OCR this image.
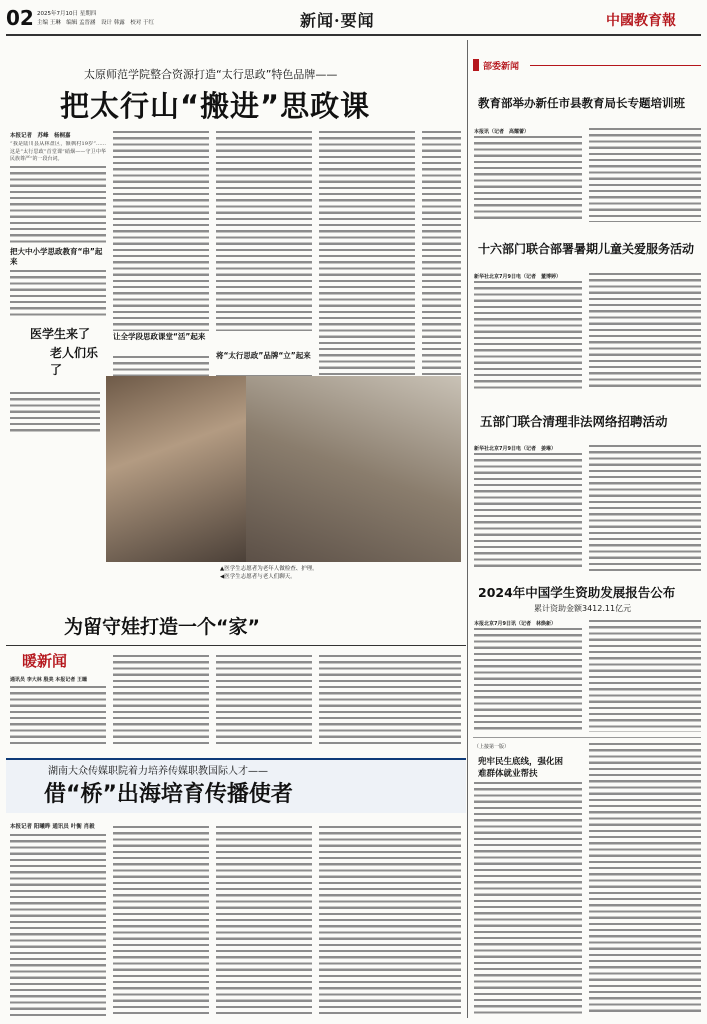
02 2025年7月10日 星期四
主编 王琳　编辑 孟晋涵　设计 韩露　校对 于红	新闻·要闻	中國教育報
太原师范学院整合资源打造“太行思政”特色品牌——
把太行山“搬进”思政课
本报记者　苏峰　杨桐嘉
“我是陆川县从林盘区，额枫村19岁”……这是“太行思政”首堂课“硝烟——守卫中华民族尊严”的一段台词。
把大中小学思政教育“串”起来
让全学段思政课堂“活”起来
将“太行思政”品牌“立”起来
医学生来了
老人们乐了
▲医学生志愿者为老年人做检查、护理。
◀医学生志愿者与老人们聊天。
为留守娃打造一个“家”
暖新闻
通讯员 李大林 殷美 本报记者 王曈
湖南大众传媒职院着力培养传媒职教国际人才——
借“桥”出海培育传播使者
本报记者 阳曦晔 通讯员 叶衡 肖毅
部委新闻
教育部举办新任市县教育局长专题培训班
本报讯（记者　高耀蕾）
十六部门联合部署暑期儿童关爱服务活动
新华社北京7月9日电（记者　董博婷）
五部门联合清理非法网络招聘活动
新华社北京7月9日电（记者　姜琳）
2024年中国学生资助发展报告公布
累计资助金额3412.11亿元
本报北京7月9日讯（记者　林焕新）
（上接第一版）
兜牢民生底线，强化困
难群体就业帮扶
